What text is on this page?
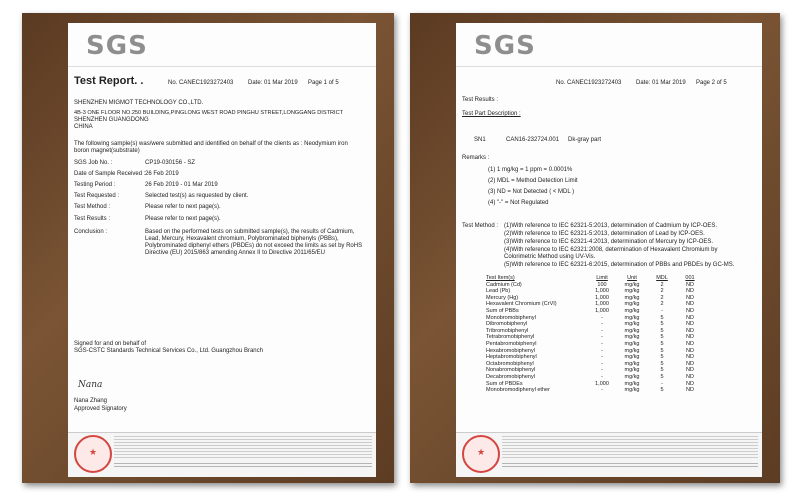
SGS
Test Report. .	No. CANEC1923272403 Date: 01 Mar 2019 Page 1 of 5
SHENZHEN MIGMOT TECHNOLOGY CO.,LTD.
4B-3 ONE FLOOR NO.250 BUILDING,PINGLONG WEST ROAD PINGHU STREET,LONGGANG DISTRICT
SHENZHEN GUANGDONG
CHINA
The following sample(s) was/were submitted and identified on behalf of the clients as : Neodymium iron boron magnet(substrate)
SGS Job No. :	CP19-030156 - SZ
Date of Sample Received : 26 Feb 2019
Testing Period :	26 Feb 2019 - 01 Mar 2019
Test Requested :	Selected test(s) as requested by client.
Test Method :	Please refer to next page(s).
Test Results :	Please refer to next page(s).
Conclusion :	Based on the performed tests on submitted sample(s), the results of Cadmium, Lead, Mercury, Hexavalent chromium, Polybrominated biphenyls (PBBs), Polybrominated diphenyl ethers (PBDEs) do not exceed the limits as set by RoHS Directive (EU) 2015/863 amending Annex II to Directive 2011/65/EU
Signed for and on behalf of
SGS-CSTC Standards Technical Services Co., Ltd. Guangzhou Branch
Nana
Nana Zhang
Approved Signatory
★
SGS
No. CANEC1923272403 Date: 01 Mar 2019 Page 2 of 5
Test Results :
Test Part Description :
SN1	CAN16-232724.001 Dk-gray part
Remarks :
(1) 1 mg/kg = 1 ppm = 0.0001%
(2) MDL = Method Detection Limit
(3) ND = Not Detected ( < MDL )
(4) "-" = Not Regulated
Test Method : (1)With reference to IEC 62321-5:2013, determination of Cadmium by ICP-OES.
(2)With reference to IEC 62321-5:2013, determination of Lead by ICP-OES.
(3)With reference to IEC 62321-4:2013, determination of Mercury by ICP-OES.
(4)With reference to IEC 62321:2008, determination of Hexavalent Chromium by Colorimetric Method using UV-Vis.
(5)With reference to IEC 62321-6:2015, determination of PBBs and PBDEs by GC-MS.
Test Item(s)	Limit	Unit	MDL	001
Cadmium (Cd)	100	mg/kg	2	ND
Lead (Pb)	1,000	mg/kg	2	ND
Mercury (Hg)	1,000	mg/kg	2	ND
Hexavalent Chromium (CrVI)	1,000	mg/kg	2	ND
Sum of PBBs	1,000	mg/kg	-	ND
Monobromobiphenyl	-	mg/kg	5	ND
Dibromobiphenyl	-	mg/kg	5	ND
Tribromobiphenyl	-	mg/kg	5	ND
Tetrabromobiphenyl	-	mg/kg	5	ND
Pentabromobiphenyl	-	mg/kg	5	ND
Hexabromobiphenyl	-	mg/kg	5	ND
Heptabromobiphenyl	-	mg/kg	5	ND
Octabromobiphenyl	-	mg/kg	5	ND
Nonabromobiphenyl	-	mg/kg	5	ND
Decabromobiphenyl	-	mg/kg	5	ND
Sum of PBDEs	1,000	mg/kg	-	ND
Monobromodiphenyl ether	-	mg/kg	5	ND
★
